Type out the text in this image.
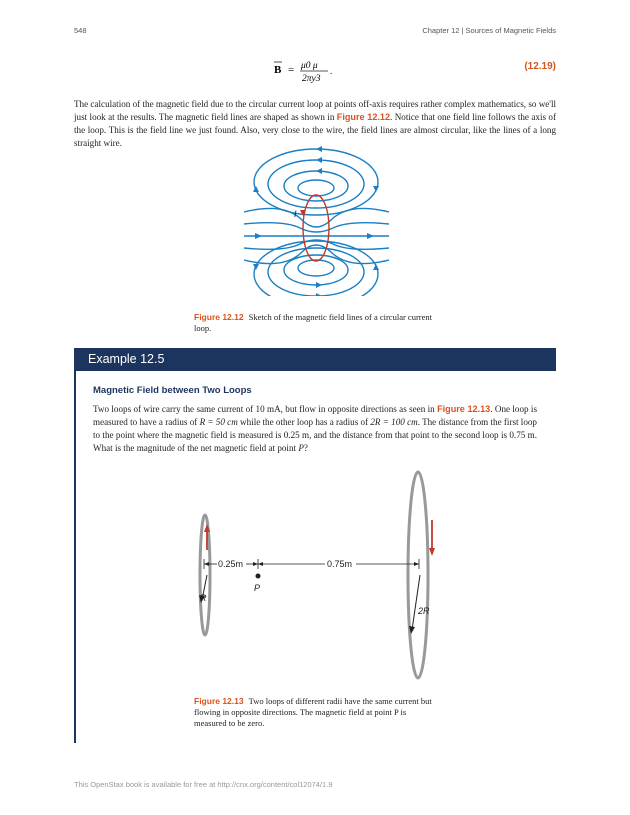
548	Chapter 12 | Sources of Magnetic Fields
B = μ0 μ
2πy3
.	(12.19)
The calculation of the magnetic field due to the circular current loop at points off-axis requires rather complex mathematics, so we'll just look at the results. The magnetic field lines are shaped as shown in Figure 12.12. Notice that one field line follows the axis of the loop. This is the field line we just found. Also, very close to the wire, the field lines are almost circular, like the lines of a long straight wire.
I
Figure 12.12 Sketch of the magnetic field lines of a circular current loop.
Example 12.5
Magnetic Field between Two Loops
Two loops of wire carry the same current of 10 mA, but flow in opposite directions as seen in Figure 12.13. One loop is measured to have a radius of R = 50 cm while the other loop has a radius of 2R = 100 cm. The distance from the first loop to the point where the magnetic field is measured is 0.25 m, and the distance from that point to the second loop is 0.75 m. What is the magnitude of the net magnetic field at point P?
0.25m	0.75m
P
R
2R
Figure 12.13 Two loops of different radii have the same current but flowing in opposite directions. The magnetic field at point P is measured to be zero.
This OpenStax book is available for free at http://cnx.org/content/col12074/1.9
